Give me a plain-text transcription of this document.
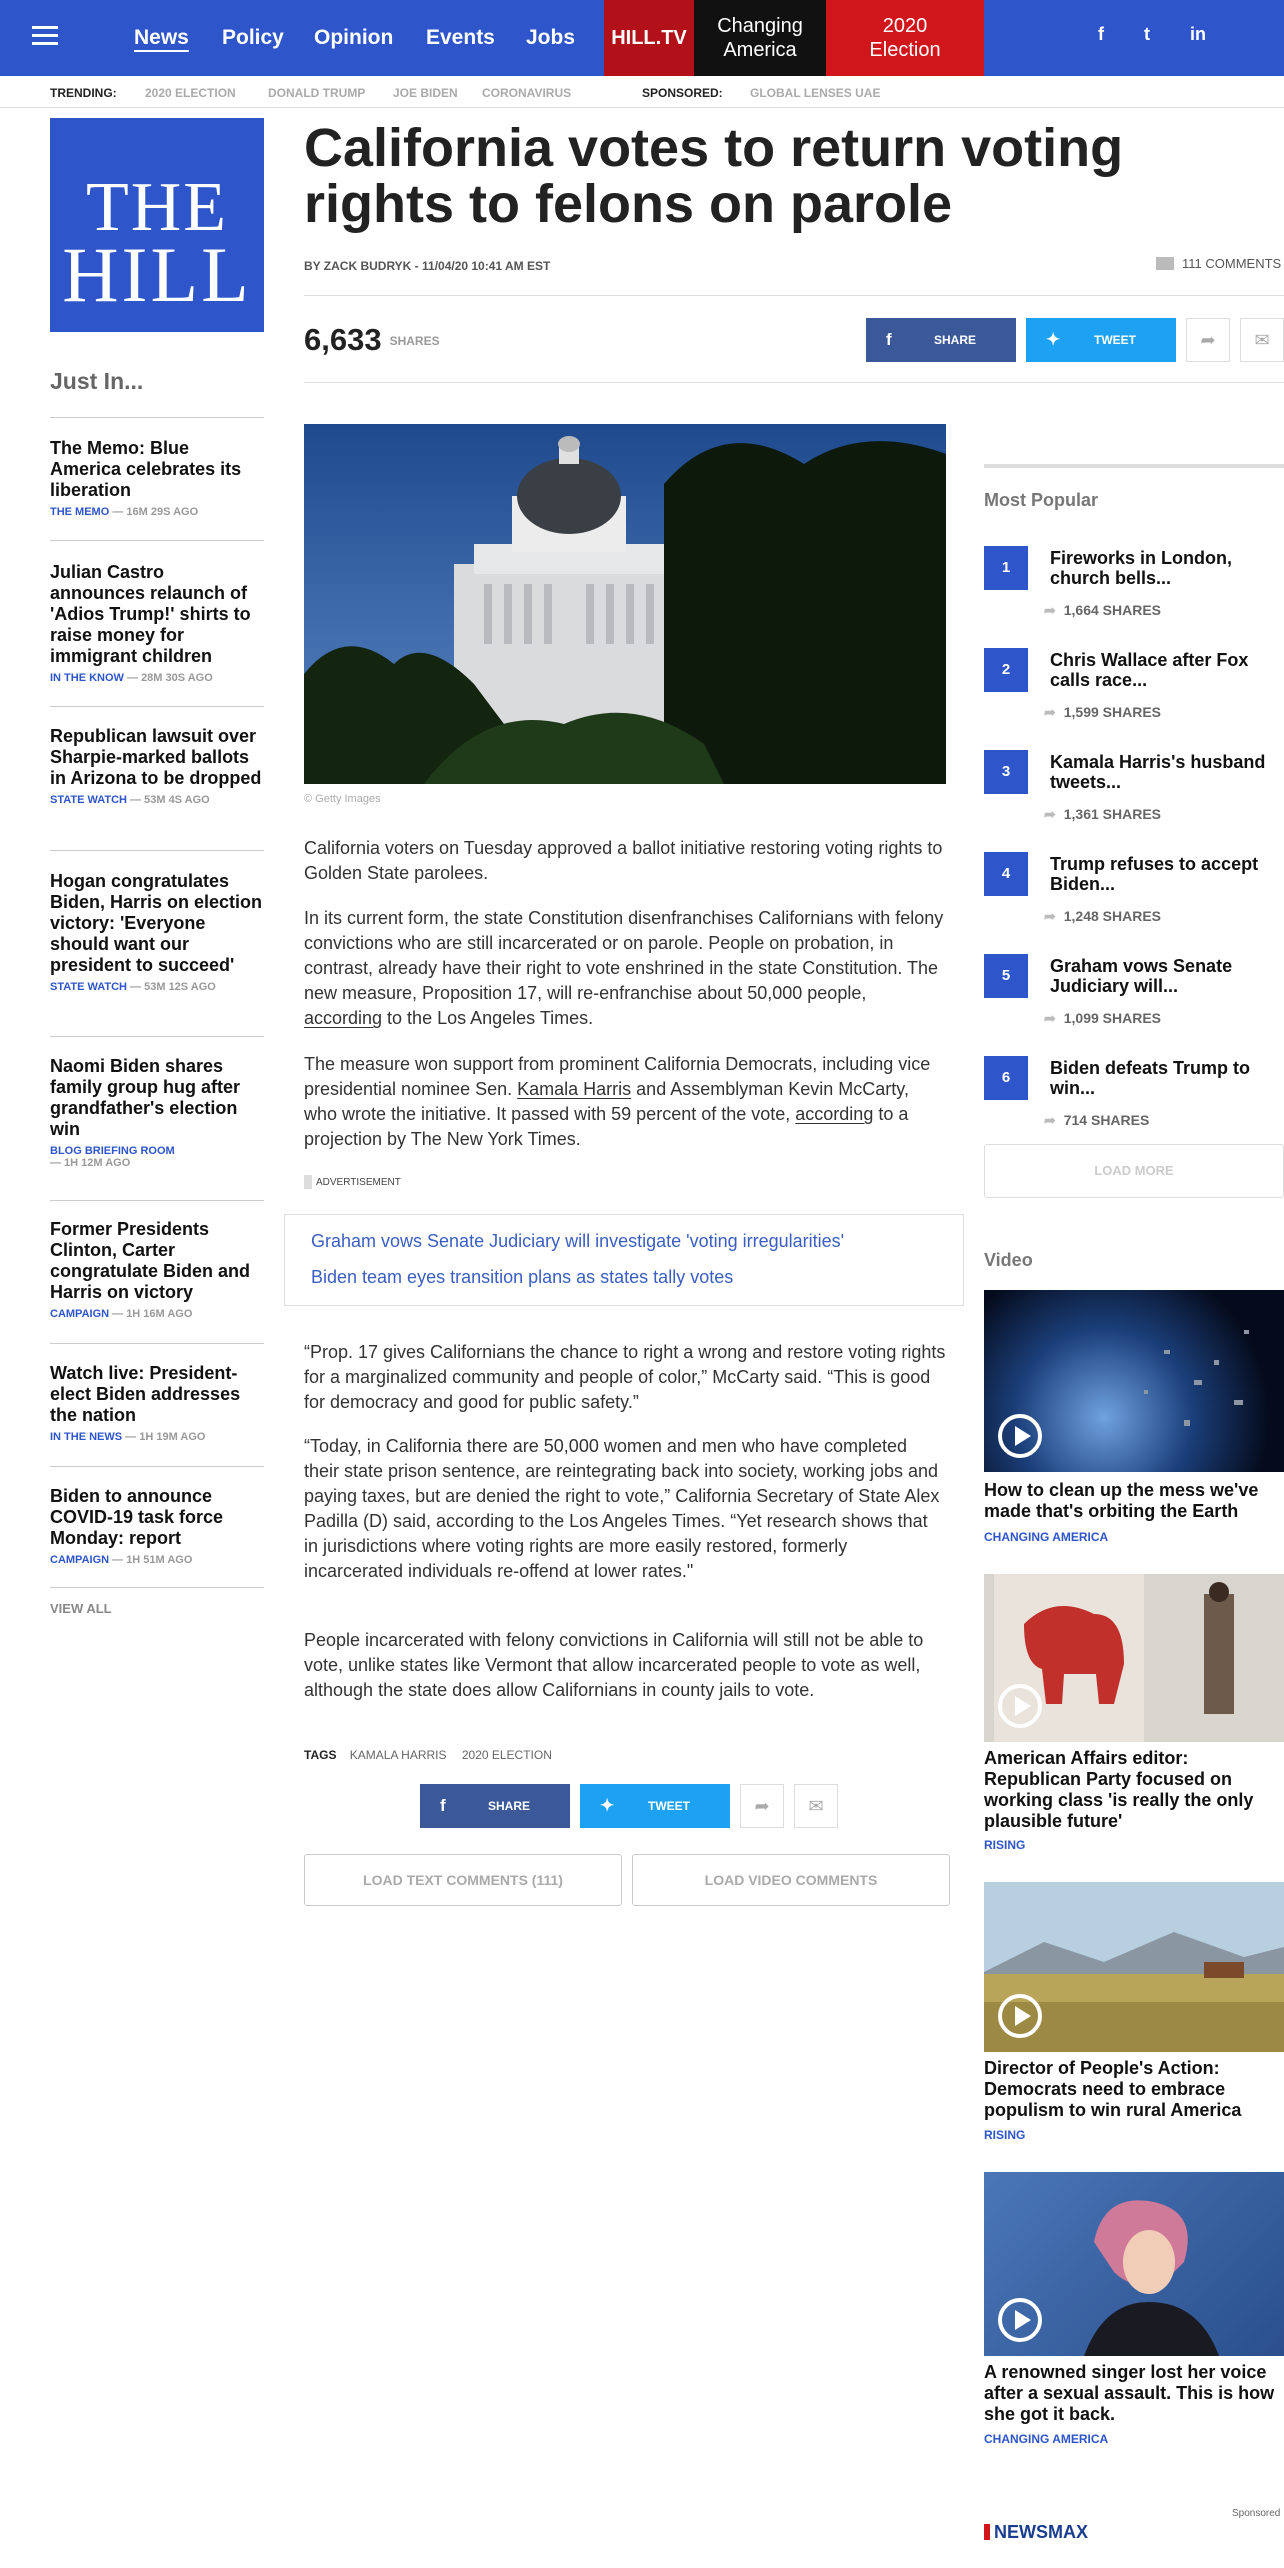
News Policy Opinion Events Jobs	HILL.TV
Changing
America
2020
Election
f t in
TRENDING: 2020 ELECTION	DONALD TRUMP JOE BIDEN CORONAVIRUS	SPONSORED: GLOBAL LENSES UAE
THE
HILL
Just In...
The Memo: Blue America celebrates its liberation
THE MEMO — 16M 29S AGO
Julian Castro announces relaunch of 'Adios Trump!' shirts to raise money for immigrant children
IN THE KNOW — 28M 30S AGO
Republican lawsuit over Sharpie-marked ballots in Arizona to be dropped
STATE WATCH — 53M 4S AGO
Hogan congratulates Biden, Harris on election victory: 'Everyone should want our president to succeed'
STATE WATCH — 53M 12S AGO
Naomi Biden shares family group hug after grandfather's election win
BLOG BRIEFING ROOM
— 1H 12M AGO
Former Presidents Clinton, Carter congratulate Biden and Harris on victory
CAMPAIGN — 1H 16M AGO
Watch live: President-elect Biden addresses the nation
IN THE NEWS — 1H 19M AGO
Biden to announce COVID-19 task force Monday: report
CAMPAIGN — 1H 51M AGO
VIEW ALL
California votes to return voting rights to felons on parole
BY ZACK BUDRYK - 11/04/20 10:41 AM EST	111 COMMENTS
6,633 SHARES	f	SHARE	✦	TWEET	➦	✉
© Getty Images

California voters on Tuesday approved a ballot initiative restoring voting rights to Golden State parolees.

In its current form, the state Constitution disenfranchises Californians with felony convictions who are still incarcerated or on parole. People on probation, in contrast, already have their right to vote enshrined in the state Constitution. The new measure, Proposition 17, will re-enfranchise about 50,000 people, according to the Los Angeles Times.

The measure won support from prominent California Democrats, including vice presidential nominee Sen. Kamala Harris and Assemblyman Kevin McCarty, who wrote the initiative. It passed with 59 percent of the vote, according to a projection by The New York Times.

ADVERTISEMENT
Graham vows Senate Judiciary will investigate 'voting irregularities'
Biden team eyes transition plans as states tally votes

“Prop. 17 gives Californians the chance to right a wrong and restore voting rights for a marginalized community and people of color,” McCarty said. “This is good for democracy and good for public safety.”

“Today, in California there are 50,000 women and men who have completed their state prison sentence, are reintegrating back into society, working jobs and paying taxes, but are denied the right to vote,” California Secretary of State Alex Padilla (D) said, according to the Los Angeles Times. “Yet research shows that in jurisdictions where voting rights are more easily restored, formerly incarcerated individuals re-offend at lower rates."

People incarcerated with felony convictions in California will still not be able to vote, unlike states like Vermont that allow incarcerated people to vote as well, although the state does allow Californians in county jails to vote.

TAGS KAMALA HARRIS 2020 ELECTION
f	SHARE	✦	TWEET	➦	✉
LOAD TEXT COMMENTS (111)	LOAD VIDEO COMMENTS
Most Popular
1	Fireworks in London, church bells...
➦ 1,664 SHARES
2	Chris Wallace after Fox calls race...
➦ 1,599 SHARES
3	Kamala Harris's husband tweets...
➦ 1,361 SHARES
4	Trump refuses to accept Biden...
➦ 1,248 SHARES
5	Graham vows Senate Judiciary will...
➦ 1,099 SHARES
6	Biden defeats Trump to win...
➦ 714 SHARES
LOAD MORE
Video
How to clean up the mess we've made that's orbiting the Earth
CHANGING AMERICA
American Affairs editor: Republican Party focused on working class 'is really the only plausible future'
RISING
Director of People's Action: Democrats need to embrace populism to win rural America
RISING
A renowned singer lost her voice after a sexual assault. This is how she got it back.
CHANGING AMERICA
Sponsored
NEWSMAX
